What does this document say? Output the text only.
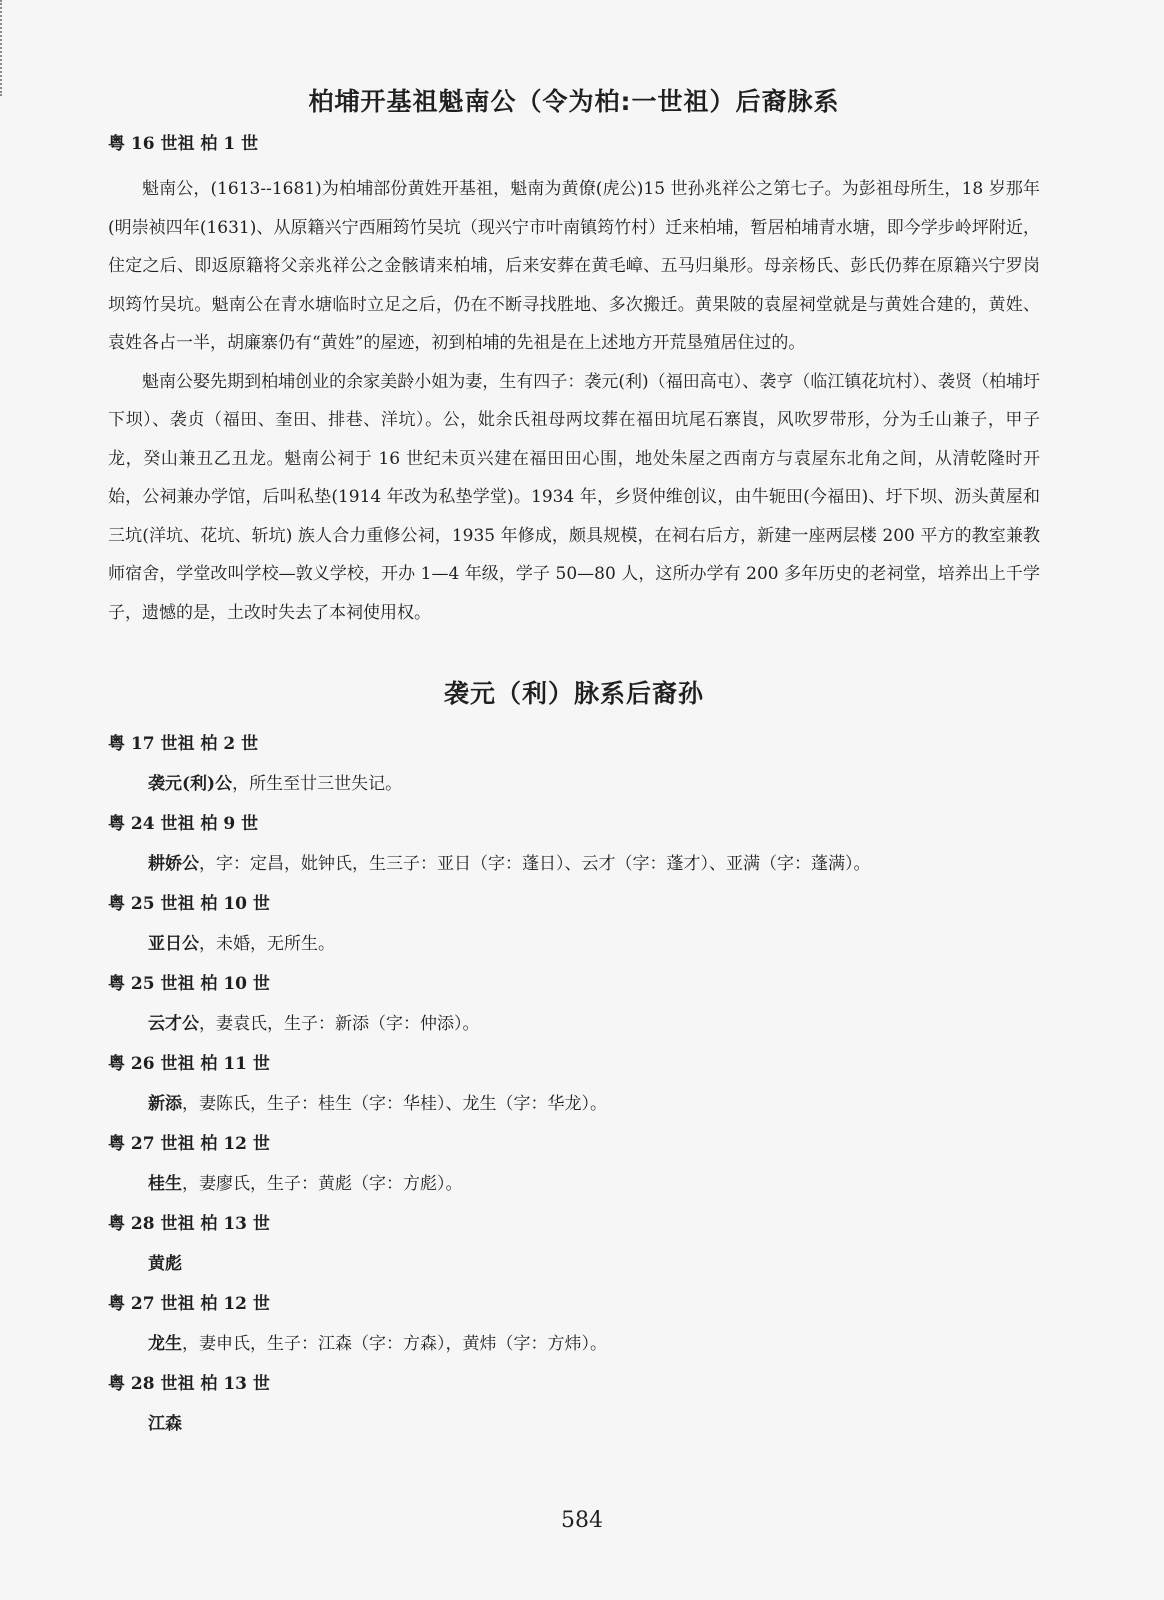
柏埔开基祖魁南公（令为柏:一世祖）后裔脉系
粤 16 世祖 柏 1 世

魁南公，(1613--1681)为柏埔部份黄姓开基祖，魁南为黄僚(虎公)15 世孙兆祥公之第七子。为彭祖母所生，18 岁那年(明崇祯四年(1631)、从原籍兴宁西厢筠竹吴坑（现兴宁市叶南镇筠竹村）迁来柏埔，暂居柏埔青水塘，即今学步岭坪附近，住定之后、即返原籍将父亲兆祥公之金骸请来柏埔，后来安葬在黄毛嶂、五马归巢形。母亲杨氏、彭氏仍葬在原籍兴宁罗岗坝筠竹吴坑。魁南公在青水塘临时立足之后，仍在不断寻找胜地、多次搬迁。黄果陂的袁屋祠堂就是与黄姓合建的，黄姓、袁姓各占一半，胡廉寨仍有“黄姓”的屋迹，初到柏埔的先祖是在上述地方开荒垦殖居住过的。

魁南公娶先期到柏埔创业的余家美龄小姐为妻，生有四子：袭元(利)（福田高屯）、袭亨（临江镇花坑村）、袭贤（柏埔圩下坝）、袭贞（福田、奎田、排巷、洋坑）。公，妣余氏祖母两坟葬在福田坑尾石寨崀，风吹罗带形，分为壬山兼子，甲子龙，癸山兼丑乙丑龙。魁南公祠于 16 世纪未页兴建在福田田心围，地处朱屋之西南方与袁屋东北角之间，从清乾隆时开始，公祠兼办学馆，后叫私垫(1914 年改为私垫学堂)。1934 年，乡贤仲维创议，由牛轭田(今福田)、圩下坝、沥头黄屋和三坑(洋坑、花坑、斩坑) 族人合力重修公祠，1935 年修成，颇具规模，在祠右后方，新建一座两层楼 200 平方的教室兼教师宿舍，学堂改叫学校—敦义学校，开办 1—4 年级，学子 50—80 人，这所办学有 200 多年历史的老祠堂，培养出上千学子，遗憾的是，土改时失去了本祠使用权。

袭元（利）脉系后裔孙
粤 17 世祖 柏 2 世
袭元(利)公，所生至廿三世失记。
粤 24 世祖 柏 9 世
耕娇公，字：定昌，妣钟氏，生三子：亚日（字：蓬日）、云才（字：蓬才）、亚满（字：蓬满）。
粤 25 世祖 柏 10 世
亚日公，未婚，无所生。
粤 25 世祖 柏 10 世
云才公，妻袁氏，生子：新添（字：仲添）。
粤 26 世祖 柏 11 世
新添，妻陈氏，生子：桂生（字：华桂）、龙生（字：华龙）。
粤 27 世祖 柏 12 世
桂生，妻廖氏，生子：黄彪（字：方彪）。
粤 28 世祖 柏 13 世
黄彪
粤 27 世祖 柏 12 世
龙生，妻申氏，生子：江森（字：方森），黄炜（字：方炜）。
粤 28 世祖 柏 13 世
江森
584
